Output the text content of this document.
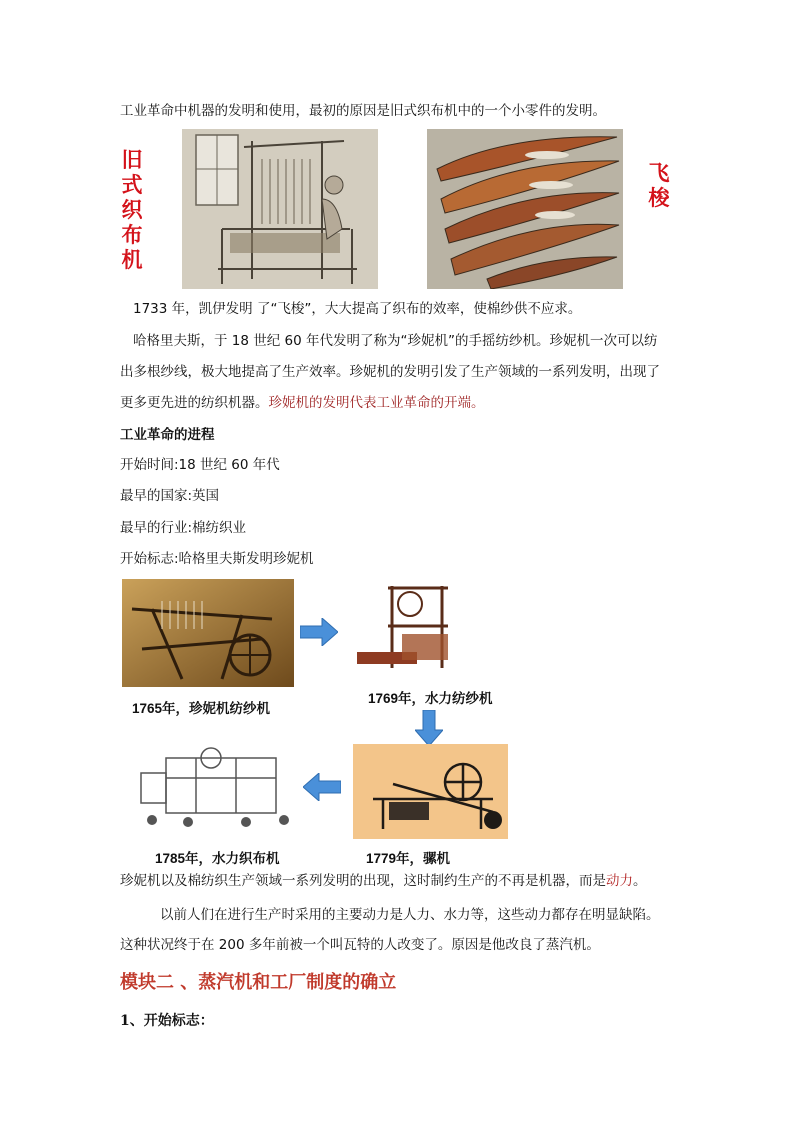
工业革命中机器的发明和使用，最初的原因是旧式织布机中的一个小零件的发明。
旧
式
织
布
机
飞
梭
1733 年，凯伊发明 了“飞梭”，大大提高了织布的效率，使棉纱供不应求。
哈格里夫斯，于 18 世纪 60 年代发明了称为“珍妮机”的手摇纺纱机。珍妮机一次可以纺
出多根纱线，极大地提高了生产效率。珍妮机的发明引发了生产领域的一系列发明，出现了
更多更先进的纺织机器。珍妮机的发明代表工业革命的开端。
工业革命的进程
开始时间:18 世纪 60 年代
最早的国家:英国
最早的行业:棉纺织业
开始标志:哈格里夫斯发明珍妮机
1765年，珍妮机纺纱机
1769年，水力纺纱机
1785年，水力织布机	1779年，骡机
珍妮机以及棉纺织生产领域一系列发明的出现，这时制约生产的不再是机器，而是动力。
以前人们在进行生产时采用的主要动力是人力、水力等，这些动力都存在明显缺陷。
这种状况终于在 200 多年前被一个叫瓦特的人改变了。原因是他改良了蒸汽机。
模块二 、蒸汽机和工厂制度的确立
1、开始标志：
